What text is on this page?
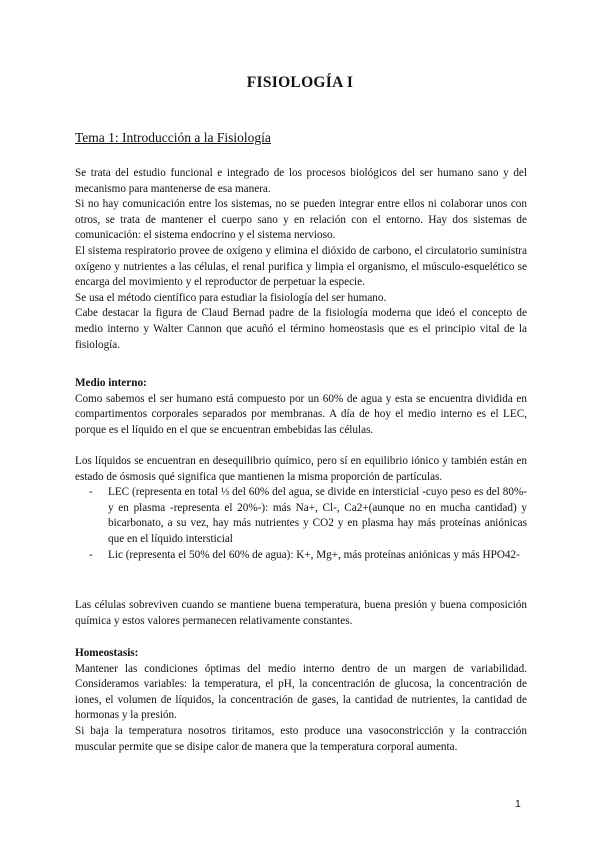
FISIOLOGÍA I
Tema 1: Introducción a la Fisiología

Se trata del estudio funcional e integrado de los procesos biológicos del ser humano sano y del mecanismo para mantenerse de esa manera.

Si no hay comunicación entre los sistemas, no se pueden integrar entre ellos ni colaborar unos con otros, se trata de mantener el cuerpo sano y en relación con el entorno. Hay dos sistemas de comunicación: el sistema endocrino y el sistema nervioso.

El sistema respiratorio provee de oxígeno y elimina el dióxido de carbono, el circulatorio suministra oxígeno y nutrientes a las células, el renal purifica y limpia el organismo, el músculo-esquelético se encarga del movimiento y el reproductor de perpetuar la especie.

Se usa el método científico para estudiar la fisiología del ser humano.

Cabe destacar la figura de Claud Bernad padre de la fisiología moderna que ideó el concepto de medio interno y Walter Cannon que acuñó el término homeostasis que es el principio vital de la fisiología.

Medio interno:

Como sabemos el ser humano está compuesto por un 60% de agua y esta se encuentra dividida en compartimentos corporales separados por membranas. A día de hoy el medio interno es el LEC, porque es el líquido en el que se encuentran embebidas las células.

Los líquidos se encuentran en desequilibrio químico, pero sí en equilibrio iónico y también están en estado de ósmosis qué significa que mantienen la misma proporción de partículas.

- LEC (representa en total ⅓ del 60% del agua, se divide en intersticial -cuyo peso es del 80%- y en plasma -representa el 20%-): más Na+, Cl-, Ca2+(aunque no en mucha cantidad) y bicarbonato, a su vez, hay más nutrientes y CO2 y en plasma hay más proteínas aniónicas que en el líquido intersticial
- Lic (representa el 50% del 60% de agua): K+, Mg+, más proteínas aniónicas y más HPO42-

Las células sobreviven cuando se mantiene buena temperatura, buena presión y buena composición química y estos valores permanecen relativamente constantes.

Homeostasis:

Mantener las condiciones óptimas del medio interno dentro de un margen de variabilidad. Consideramos variables: la temperatura, el pH, la concentración de glucosa, la concentración de iones, el volumen de líquidos, la concentración de gases, la cantidad de nutrientes, la cantidad de hormonas y la presión.

Si baja la temperatura nosotros tiritamos, esto produce una vasoconstricción y la contracción muscular permite que se disipe calor de manera que la temperatura corporal aumenta.

1
